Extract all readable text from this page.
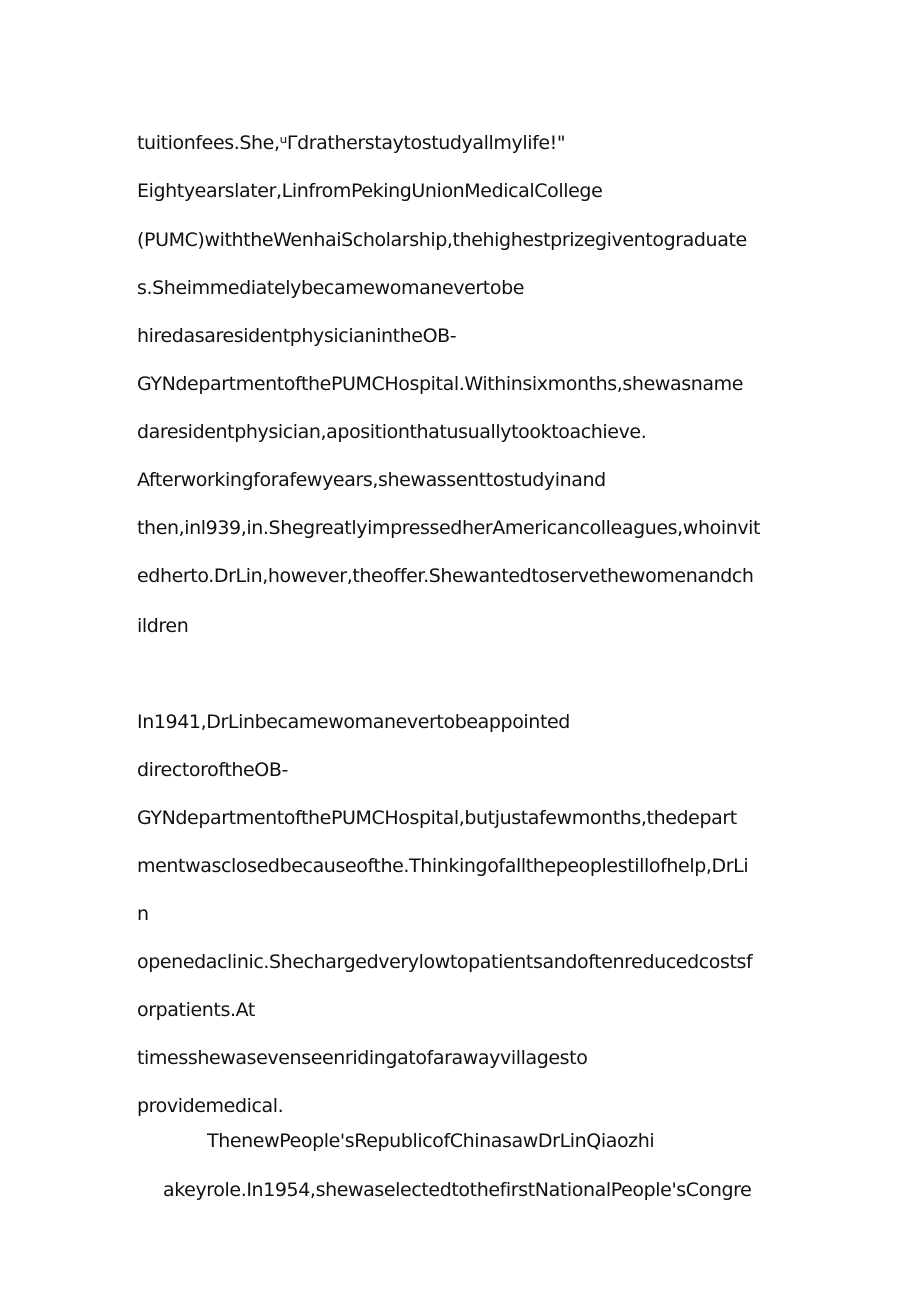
tuitionfees.She,ᵘΓdratherstaytostudyallmylife!"
Eightyearslater,LinfromPekingUnionMedicalCollege
(PUMC)withtheWenhaiScholarship,thehighestprizegiventograduate
s.Sheimmediatelybecamewomanevertobe
hiredasaresidentphysicianintheOB-
GYNdepartmentofthePUMCHospital.Withinsixmonths,shewasname
daresidentphysician,apositionthatusuallytooktoachieve.
Afterworkingforafewyears,shewassenttostudyinand
then,inl939,in.ShegreatlyimpressedherAmericancolleagues,whoinvit
edherto.DrLin,however,theoffer.Shewantedtoservethewomenandch
ildren
In1941,DrLinbecamewomanevertobeappointed
directoroftheOB-
GYNdepartmentofthePUMCHospital,butjustafewmonths,thedepart
mentwasclosedbecauseofthe.Thinkingofallthepeoplestillofhelp,DrLi
n
openedaclinic.Shechargedverylowtopatientsandoftenreducedcostsf
orpatients.At
timesshewasevenseenridingatofarawayvillagesto
providemedical.
ThenewPeople'sRepublicofChinasawDrLinQiaozhi
akeyrole.In1954,shewaselectedtothefirstNationalPeople'sCongre
